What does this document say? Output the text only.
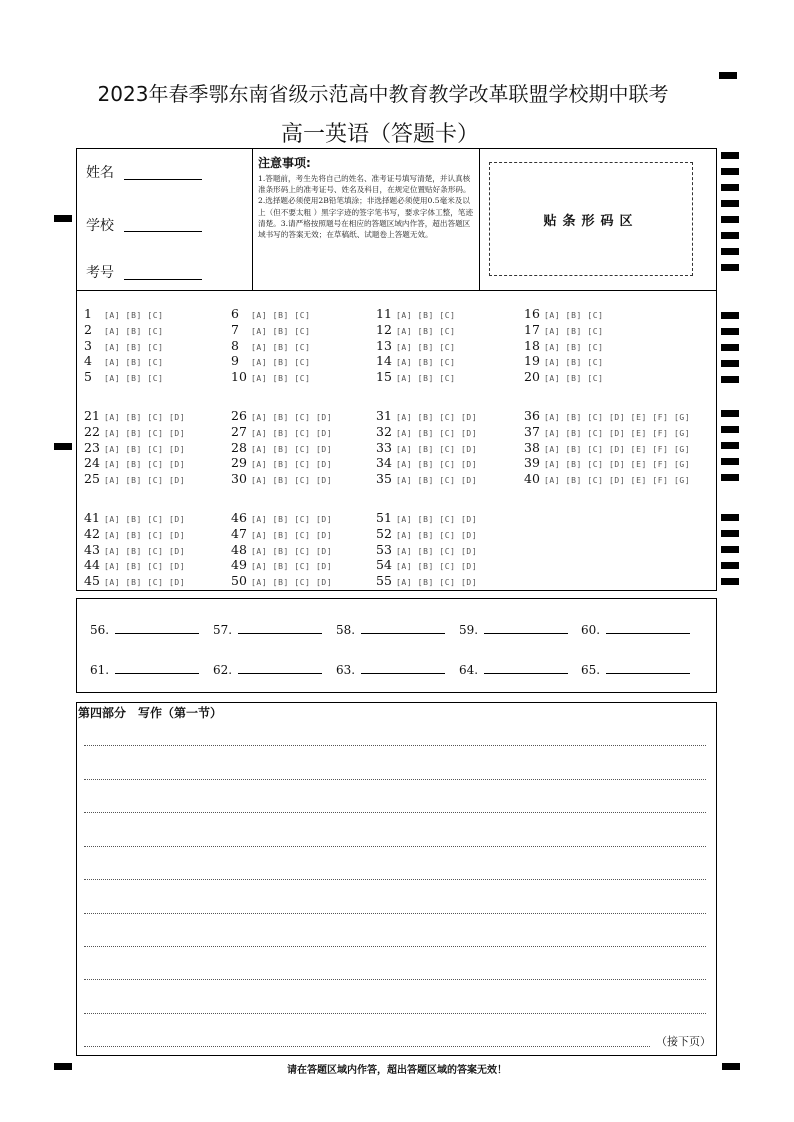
2023年春季鄂东南省级示范高中教育教学改革联盟学校期中联考
高一英语（答题卡）
姓名
学校
考号
注意事项:
1.答题前，考生先将自己的姓名、准考证号填写清楚，并认真核准条形码上的准考证号、姓名及科目，在规定位置贴好条形码。2.选择题必须使用2B铅笔填涂；非选择题必须使用0.5毫米及以上（但不要太粗 ）黑字字迹的签字笔书写，要求字体工整，笔迹清楚。3.请严格按照题号在相应的答题区域内作答，超出答题区域书写的答案无效；在草稿纸、试题卷上答题无效。
贴条形码区
1	[A] [B] [C]
2	[A] [B] [C]
3	[A] [B] [C]
4	[A] [B] [C]
5	[A] [B] [C]
6	[A] [B] [C]
7	[A] [B] [C]
8	[A] [B] [C]
9	[A] [B] [C]
10 [A] [B] [C]
11 [A] [B] [C]
12 [A] [B] [C]
13 [A] [B] [C]
14 [A] [B] [C]
15 [A] [B] [C]
16 [A] [B] [C]
17 [A] [B] [C]
18 [A] [B] [C]
19 [A] [B] [C]
20 [A] [B] [C]
21 [A] [B] [C] [D]
22 [A] [B] [C] [D]
23 [A] [B] [C] [D]
24 [A] [B] [C] [D]
25 [A] [B] [C] [D]
26 [A] [B] [C] [D]
27 [A] [B] [C] [D]
28 [A] [B] [C] [D]
29 [A] [B] [C] [D]
30 [A] [B] [C] [D]
31 [A] [B] [C] [D]
32 [A] [B] [C] [D]
33 [A] [B] [C] [D]
34 [A] [B] [C] [D]
35 [A] [B] [C] [D]
36 [A] [B] [C] [D] [E] [F] [G]
37 [A] [B] [C] [D] [E] [F] [G]
38 [A] [B] [C] [D] [E] [F] [G]
39 [A] [B] [C] [D] [E] [F] [G]
40 [A] [B] [C] [D] [E] [F] [G]
41 [A] [B] [C] [D]
42 [A] [B] [C] [D]
43 [A] [B] [C] [D]
44 [A] [B] [C] [D]
45 [A] [B] [C] [D]
46 [A] [B] [C] [D]
47 [A] [B] [C] [D]
48 [A] [B] [C] [D]
49 [A] [B] [C] [D]
50 [A] [B] [C] [D]
51 [A] [B] [C] [D]
52 [A] [B] [C] [D]
53 [A] [B] [C] [D]
54 [A] [B] [C] [D]
55 [A] [B] [C] [D]
56.	57.	58.	59.	60.
61.	62.	63.	64.	65.
第四部分　写作（第一节）
（接下页）
请在答题区域内作答，超出答题区域的答案无效！
